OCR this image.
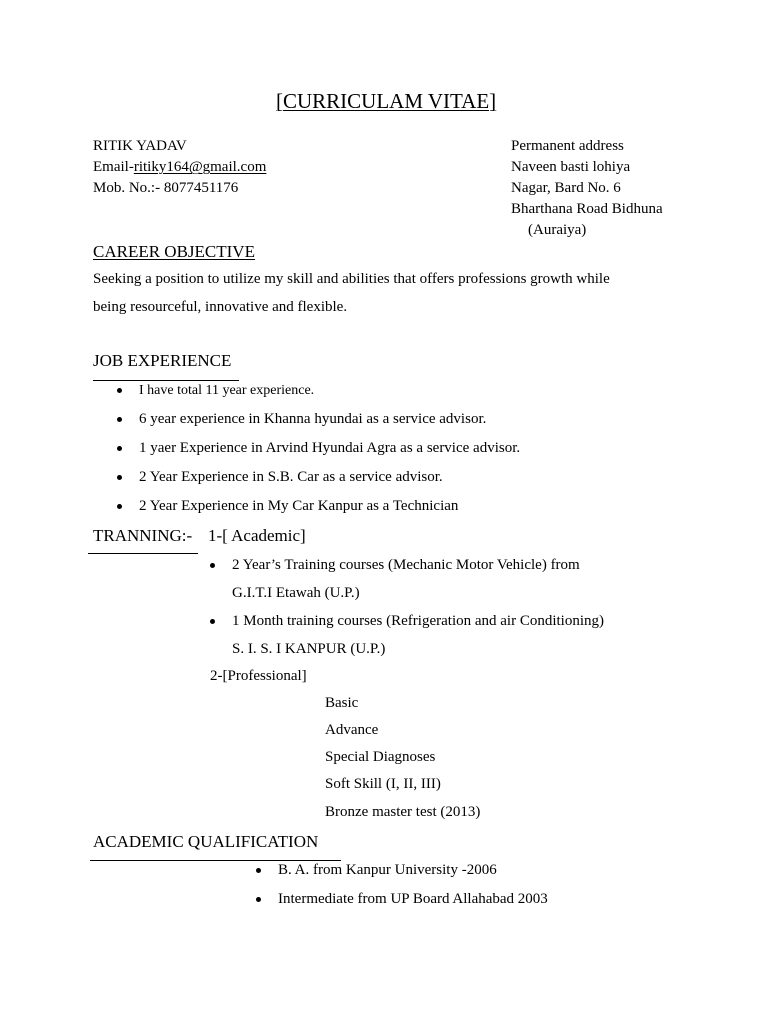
[CURRICULAM VITAE]
RITIK YADAV
Email-ritiky164@gmail.com
Mob. No.:- 8077451176
Permanent address
Naveen basti lohiya
Nagar, Bard No. 6
Bharthana Road Bidhuna
(Auraiya)
CAREER OBJECTIVE
Seeking a position to utilize my skill and abilities that offers professions growth while
being resourceful, innovative and flexible.
JOB EXPERIENCE
I have total 11 year experience.
6 year experience in Khanna hyundai as a service advisor.
1 yaer Experience in Arvind Hyundai Agra as a service advisor.
2 Year Experience in S.B. Car as a service advisor.
2 Year Experience in My Car Kanpur as a Technician
TRANNING:- 1-[ Academic]
2 Year’s Training courses (Mechanic Motor Vehicle) from
G.I.T.I Etawah (U.P.)
1 Month training courses (Refrigeration and air Conditioning)
S. I. S. I KANPUR (U.P.)
2-[Professional]
Basic
Advance
Special Diagnoses
Soft Skill (I, II, III)
Bronze master test (2013)
ACADEMIC QUALIFICATION
B. A. from Kanpur University -2006
Intermediate from UP Board Allahabad 2003
